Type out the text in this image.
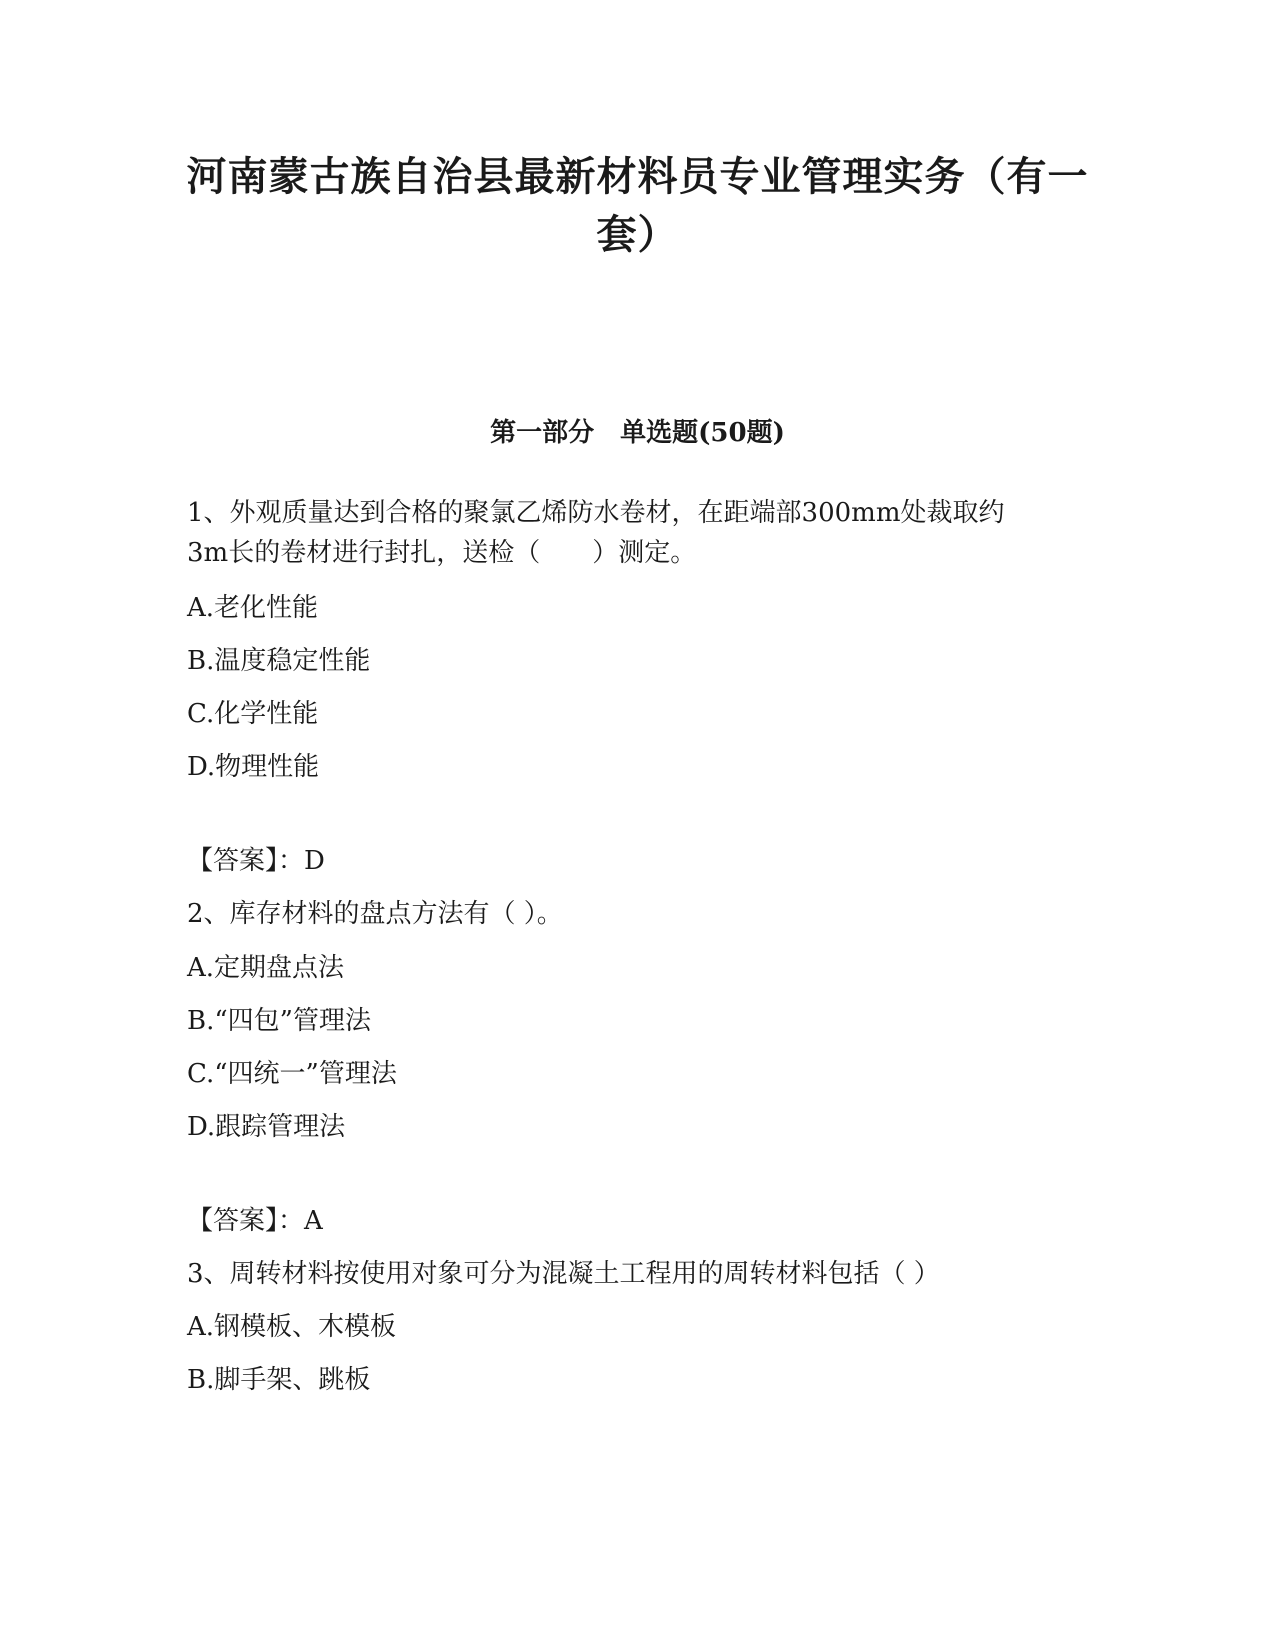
河南蒙古族自治县最新材料员专业管理实务（有一套）
第一部分　单选题(50题)

1、外观质量达到合格的聚氯乙烯防水卷材，在距端部300mm处裁取约

3m长的卷材进行封扎，送检（　　）测定。

A.老化性能

B.温度稳定性能

C.化学性能

D.物理性能

【答案】：D

2、库存材料的盘点方法有（ ）。

A.定期盘点法

B.“四包”管理法

C.“四统一”管理法

D.跟踪管理法

【答案】：A

3、周转材料按使用对象可分为混凝土工程用的周转材料包括（ ）

A.钢模板、木模板

B.脚手架、跳板
